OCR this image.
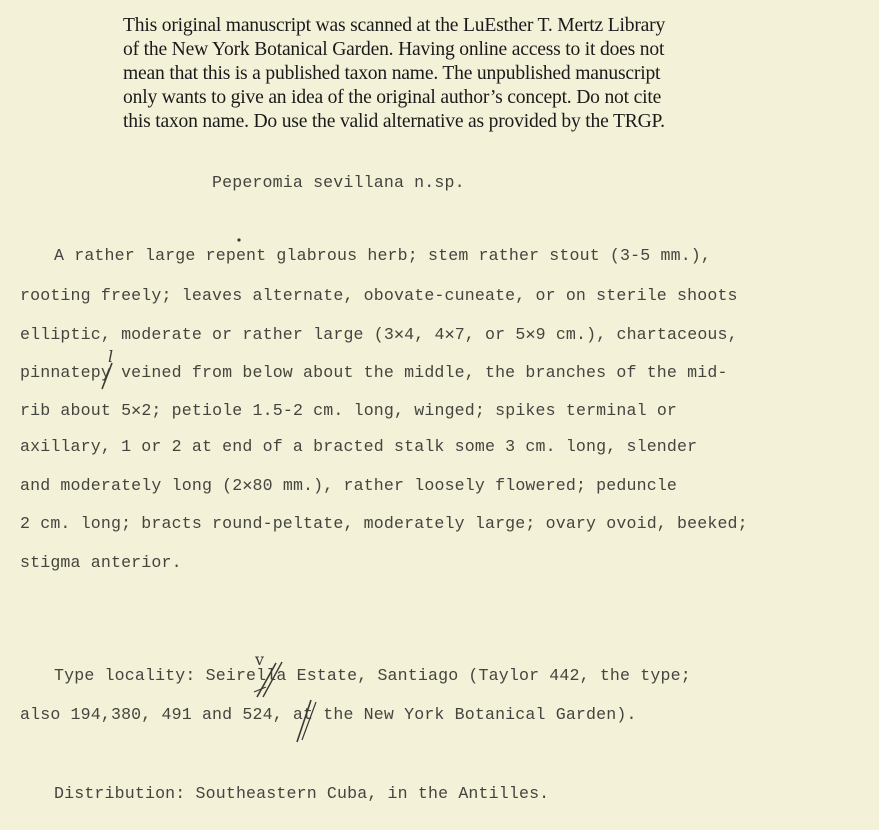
This original manuscript was scanned at the LuEsther T. Mertz Library
of the New York Botanical Garden. Having online access to it does not
mean that this is a published taxon name. The unpublished manuscript
only wants to give an idea of the original author’s concept. Do not cite
this taxon name. Do use the valid alternative as provided by the TRGP.
Peperomia sevillana n.sp.
A rather large repent glabrous herb; stem rather stout (3-5 mm.),
rooting freely; leaves alternate, obovate-cuneate, or on sterile shoots
elliptic, moderate or rather large (3✕4, 4✕7, or 5✕9 cm.), chartaceous,
pinnatepy veined from below about the middle, the branches of the mid-
rib about 5✕2; petiole 1.5-2 cm. long, winged; spikes terminal or
axillary, 1 or 2 at end of a bracted stalk some 3 cm. long, slender
and moderately long (2✕80 mm.), rather loosely flowered; peduncle
2 cm. long; bracts round-peltate, moderately large; ovary ovoid, beeked;
stigma anterior.
Type locality: Seirella Estate, Santiago (Taylor 442, the type;
also 194,380, 491 and 524, at the New York Botanical Garden).
Distribution: Southeastern Cuba, in the Antilles.
l
v
